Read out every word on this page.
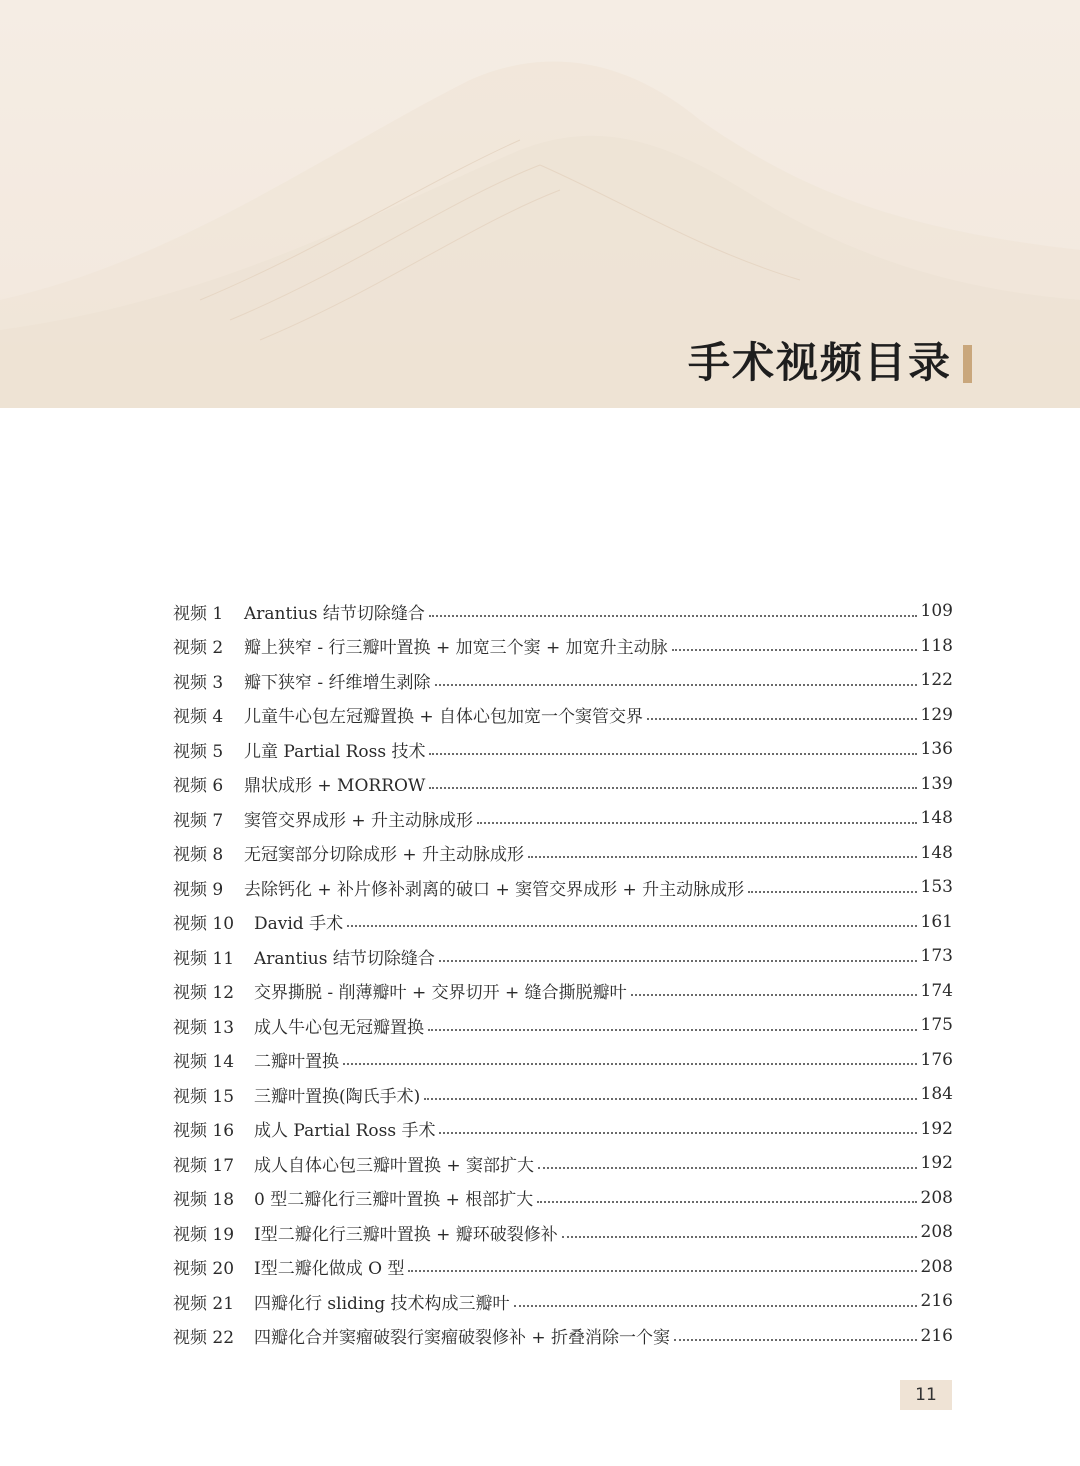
手术视频目录
视频 1	Arantius 结节切除缝合	109
视频 2	瓣上狭窄 - 行三瓣叶置换 + 加宽三个窦 + 加宽升主动脉	118
视频 3	瓣下狭窄 - 纤维增生剥除	122
视频 4	儿童牛心包左冠瓣置换 + 自体心包加宽一个窦管交界	129
视频 5	儿童 Partial Ross 技术	136
视频 6	鼎状成形 + MORROW	139
视频 7	窦管交界成形 + 升主动脉成形	148
视频 8	无冠窦部分切除成形 + 升主动脉成形	148
视频 9	去除钙化 + 补片修补剥离的破口 + 窦管交界成形 + 升主动脉成形	153
视频 10	David 手术	161
视频 11	Arantius 结节切除缝合	173
视频 12	交界撕脱 - 削薄瓣叶 + 交界切开 + 缝合撕脱瓣叶	174
视频 13	成人牛心包无冠瓣置换	175
视频 14	二瓣叶置换	176
视频 15	三瓣叶置换(陶氏手术)	184
视频 16	成人 Partial Ross 手术	192
视频 17	成人自体心包三瓣叶置换 + 窦部扩大	192
视频 18	0 型二瓣化行三瓣叶置换 + 根部扩大	208
视频 19	Ⅰ型二瓣化行三瓣叶置换 + 瓣环破裂修补	208
视频 20	Ⅰ型二瓣化做成 O 型	208
视频 21	四瓣化行 sliding 技术构成三瓣叶	216
视频 22	四瓣化合并窦瘤破裂行窦瘤破裂修补 + 折叠消除一个窦	216
11
